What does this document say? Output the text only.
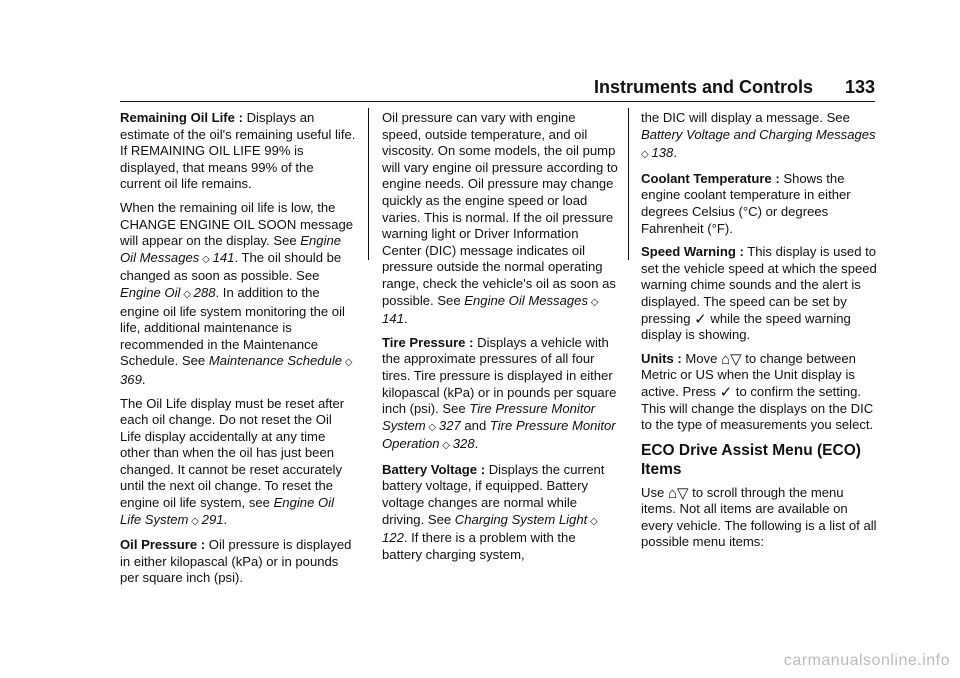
Instruments and Controls 133

Remaining Oil Life : Displays an estimate of the oil's remaining useful life. If REMAINING OIL LIFE 99% is displayed, that means 99% of the current oil life remains.

When the remaining oil life is low, the CHANGE ENGINE OIL SOON message will appear on the display. See Engine Oil Messages ◇ 141. The oil should be changed as soon as possible. See Engine Oil ◇ 288. In addition to the engine oil life system monitoring the oil life, additional maintenance is recommended in the Maintenance Schedule. See Maintenance Schedule ◇ 369.

The Oil Life display must be reset after each oil change. Do not reset the Oil Life display accidentally at any time other than when the oil has just been changed. It cannot be reset accurately until the next oil change. To reset the engine oil life system, see Engine Oil Life System ◇ 291.

Oil Pressure : Oil pressure is displayed in either kilopascal (kPa) or in pounds per square inch (psi).

Oil pressure can vary with engine speed, outside temperature, and oil viscosity. On some models, the oil pump will vary engine oil pressure according to engine needs. Oil pressure may change quickly as the engine speed or load varies. This is normal. If the oil pressure warning light or Driver Information Center (DIC) message indicates oil pressure outside the normal operating range, check the vehicle's oil as soon as possible. See Engine Oil Messages ◇ 141.

Tire Pressure : Displays a vehicle with the approximate pressures of all four tires. Tire pressure is displayed in either kilopascal (kPa) or in pounds per square inch (psi). See Tire Pressure Monitor System ◇ 327 and Tire Pressure Monitor Operation ◇ 328.

Battery Voltage : Displays the current battery voltage, if equipped. Battery voltage changes are normal while driving. See Charging System Light ◇ 122. If there is a problem with the battery charging system,

the DIC will display a message. See Battery Voltage and Charging Messages ◇ 138.

Coolant Temperature : Shows the engine coolant temperature in either degrees Celsius (°C) or degrees Fahrenheit (°F).

Speed Warning : This display is used to set the vehicle speed at which the speed warning chime sounds and the alert is displayed. The speed can be set by pressing ✓ while the speed warning display is showing.

Units : Move ⌂▽ to change between Metric or US when the Unit display is active. Press ✓ to confirm the setting. This will change the displays on the DIC to the type of measurements you select.

ECO Drive Assist Menu (ECO) Items

Use ⌂▽ to scroll through the menu items. Not all items are available on every vehicle. The following is a list of all possible menu items:

carmanualsonline.info
